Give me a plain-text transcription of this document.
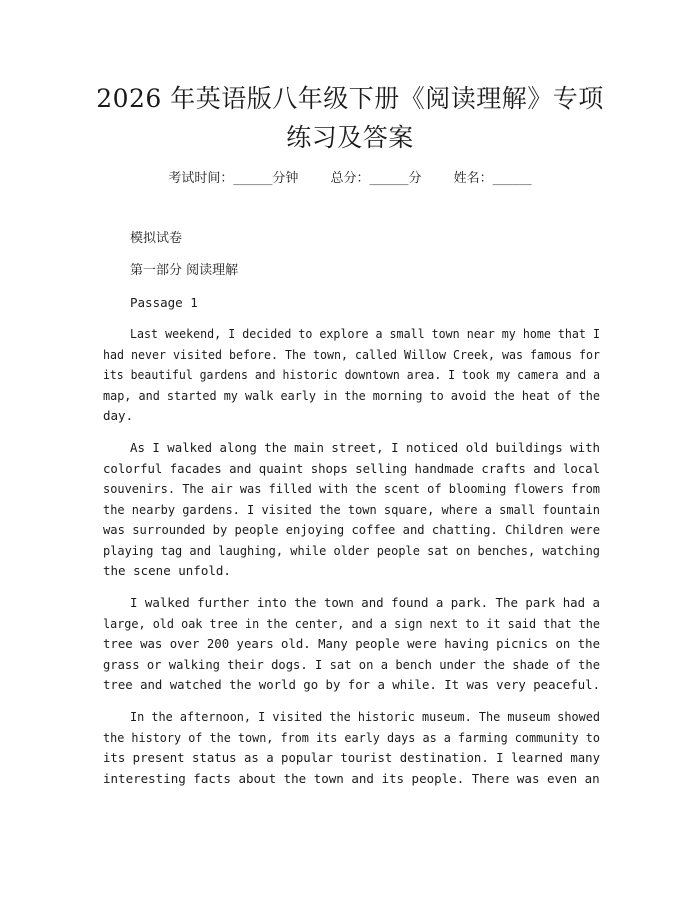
2026 年英语版八年级下册《阅读理解》专项
练习及答案
考试时间：______分钟 总分：______分 姓名：______
模拟试卷
第一部分 阅读理解
Passage 1
Last weekend, I decided to explore a small town near my home that I
had never visited before. The town, called Willow Creek, was famous for
its beautiful gardens and historic downtown area. I took my camera and a
map, and started my walk early in the morning to avoid the heat of the
day.
As I walked along the main street, I noticed old buildings with
colorful facades and quaint shops selling handmade crafts and local
souvenirs. The air was filled with the scent of blooming flowers from
the nearby gardens. I visited the town square, where a small fountain
was surrounded by people enjoying coffee and chatting. Children were
playing tag and laughing, while older people sat on benches, watching
the scene unfold.
I walked further into the town and found a park. The park had a
large, old oak tree in the center, and a sign next to it said that the
tree was over 200 years old. Many people were having picnics on the
grass or walking their dogs. I sat on a bench under the shade of the
tree and watched the world go by for a while. It was very peaceful.
In the afternoon, I visited the historic museum. The museum showed
the history of the town, from its early days as a farming community to
its present status as a popular tourist destination. I learned many
interesting facts about the town and its people. There was even an
